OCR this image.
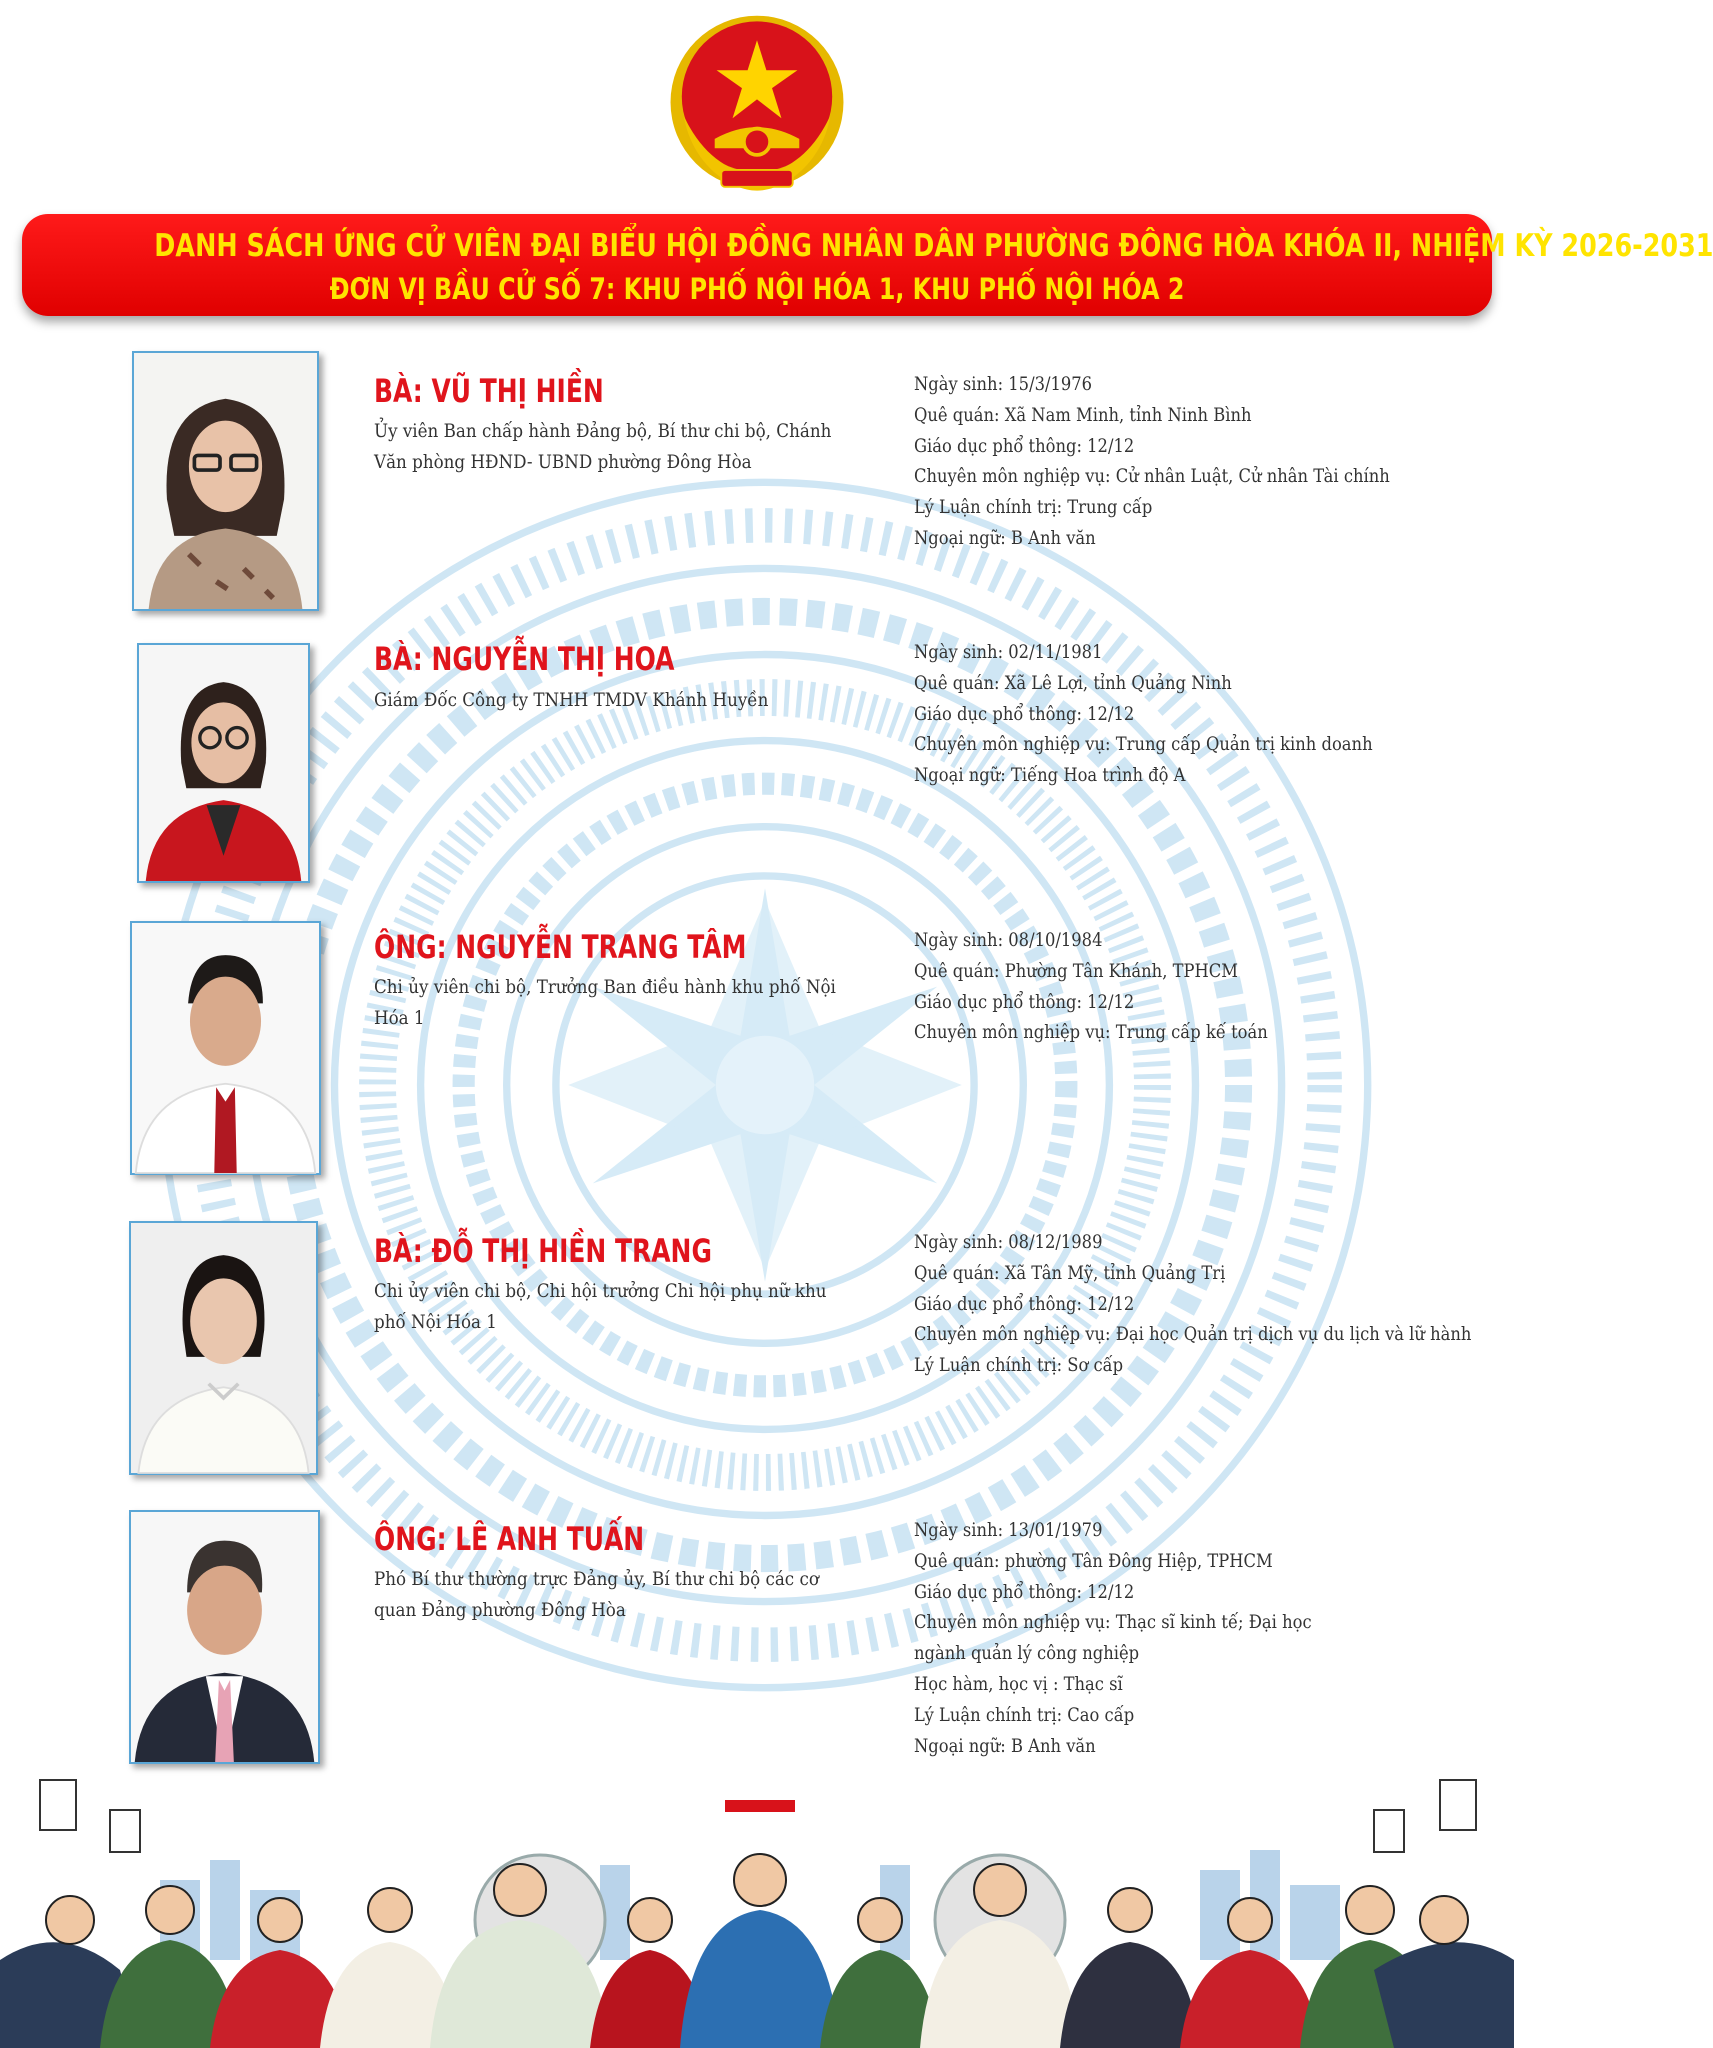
DANH SÁCH ỨNG CỬ VIÊN ĐẠI BIỂU HỘI ĐỒNG NHÂN DÂN PHƯỜNG ĐÔNG HÒA KHÓA II, NHIỆM KỲ 2026-2031
ĐƠN VỊ BẦU CỬ SỐ 7: KHU PHỐ NỘI HÓA 1, KHU PHỐ NỘI HÓA 2
BÀ: VŨ THỊ HIỀN
Ủy viên Ban chấp hành Đảng bộ, Bí thư chi bộ, Chánh Văn phòng HĐND- UBND phường Đông Hòa
Ngày sinh: 15/3/1976
Quê quán: Xã Nam Minh, tỉnh Ninh Bình
Giáo dục phổ thông: 12/12
Chuyên môn nghiệp vụ: Cử nhân Luật, Cử nhân Tài chính
Lý Luận chính trị: Trung cấp
Ngoại ngữ: B Anh văn
BÀ: NGUYỄN THỊ HOA
Giám Đốc Công ty TNHH TMDV Khánh Huyền
Ngày sinh: 02/11/1981
Quê quán: Xã Lê Lợi, tỉnh Quảng Ninh
Giáo dục phổ thông: 12/12
Chuyên môn nghiệp vụ: Trung cấp Quản trị kinh doanh
Ngoại ngữ: Tiếng Hoa trình độ A
ÔNG: NGUYỄN TRANG TÂM
Chi ủy viên chi bộ, Trưởng Ban điều hành khu phố Nội Hóa 1
Ngày sinh: 08/10/1984
Quê quán: Phường Tân Khánh, TPHCM
Giáo dục phổ thông: 12/12
Chuyên môn nghiệp vụ: Trung cấp kế toán
BÀ: ĐỖ THỊ HIỀN TRANG
Chi ủy viên chi bộ, Chi hội trưởng Chi hội phụ nữ khu phố Nội Hóa 1
Ngày sinh: 08/12/1989
Quê quán: Xã Tân Mỹ, tỉnh Quảng Trị
Giáo dục phổ thông: 12/12
Chuyên môn nghiệp vụ: Đại học Quản trị dịch vụ du lịch và lữ hành
Lý Luận chính trị: Sơ cấp
ÔNG: LÊ ANH TUẤN
Phó Bí thư thường trực Đảng ủy, Bí thư chi bộ các cơ quan Đảng phường Đông Hòa
Ngày sinh: 13/01/1979
Quê quán: phường Tân Đông Hiệp, TPHCM
Giáo dục phổ thông: 12/12
Chuyên môn nghiệp vụ: Thạc sĩ kinh tế; Đại học ngành quản lý công nghiệp
Học hàm, học vị : Thạc sĩ
Lý Luận chính trị: Cao cấp
Ngoại ngữ: B Anh văn
